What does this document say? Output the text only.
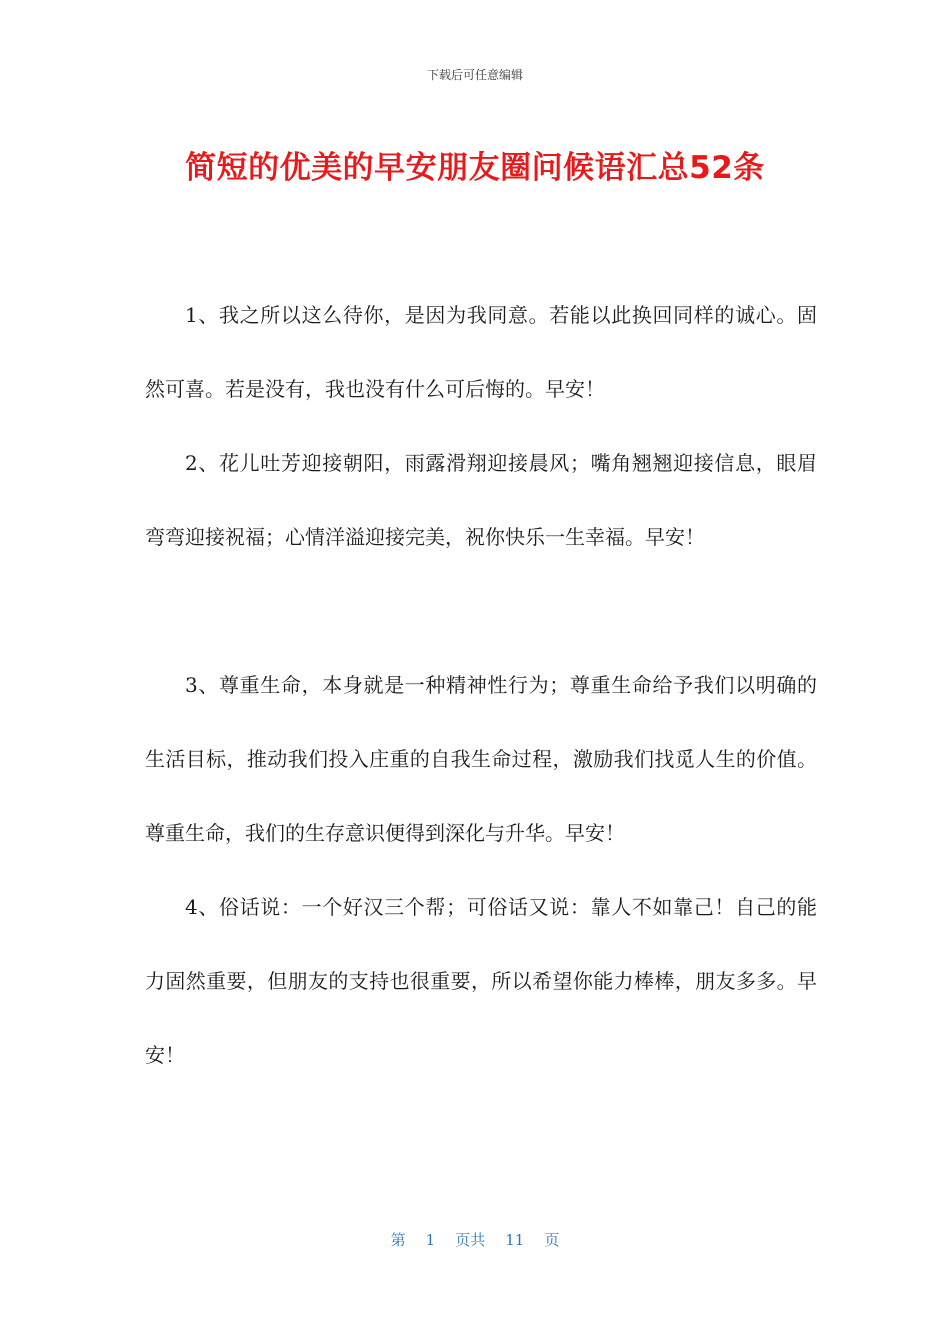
下载后可任意编辑
简短的优美的早安朋友圈问候语汇总52条

1、我之所以这么待你，是因为我同意。若能以此换回同样的诚心。固然可喜。若是没有，我也没有什么可后悔的。早安！

2、花儿吐芳迎接朝阳，雨露滑翔迎接晨风；嘴角翘翘迎接信息，眼眉弯弯迎接祝福；心情洋溢迎接完美，祝你快乐一生幸福。早安！

3、尊重生命，本身就是一种精神性行为；尊重生命给予我们以明确的生活目标，推动我们投入庄重的自我生命过程，激励我们找觅人生的价值。尊重生命，我们的生存意识便得到深化与升华。早安！

4、俗话说：一个好汉三个帮；可俗话又说：靠人不如靠己！自己的能力固然重要，但朋友的支持也很重要，所以希望你能力棒棒，朋友多多。早安！

第 1 页共 11 页
